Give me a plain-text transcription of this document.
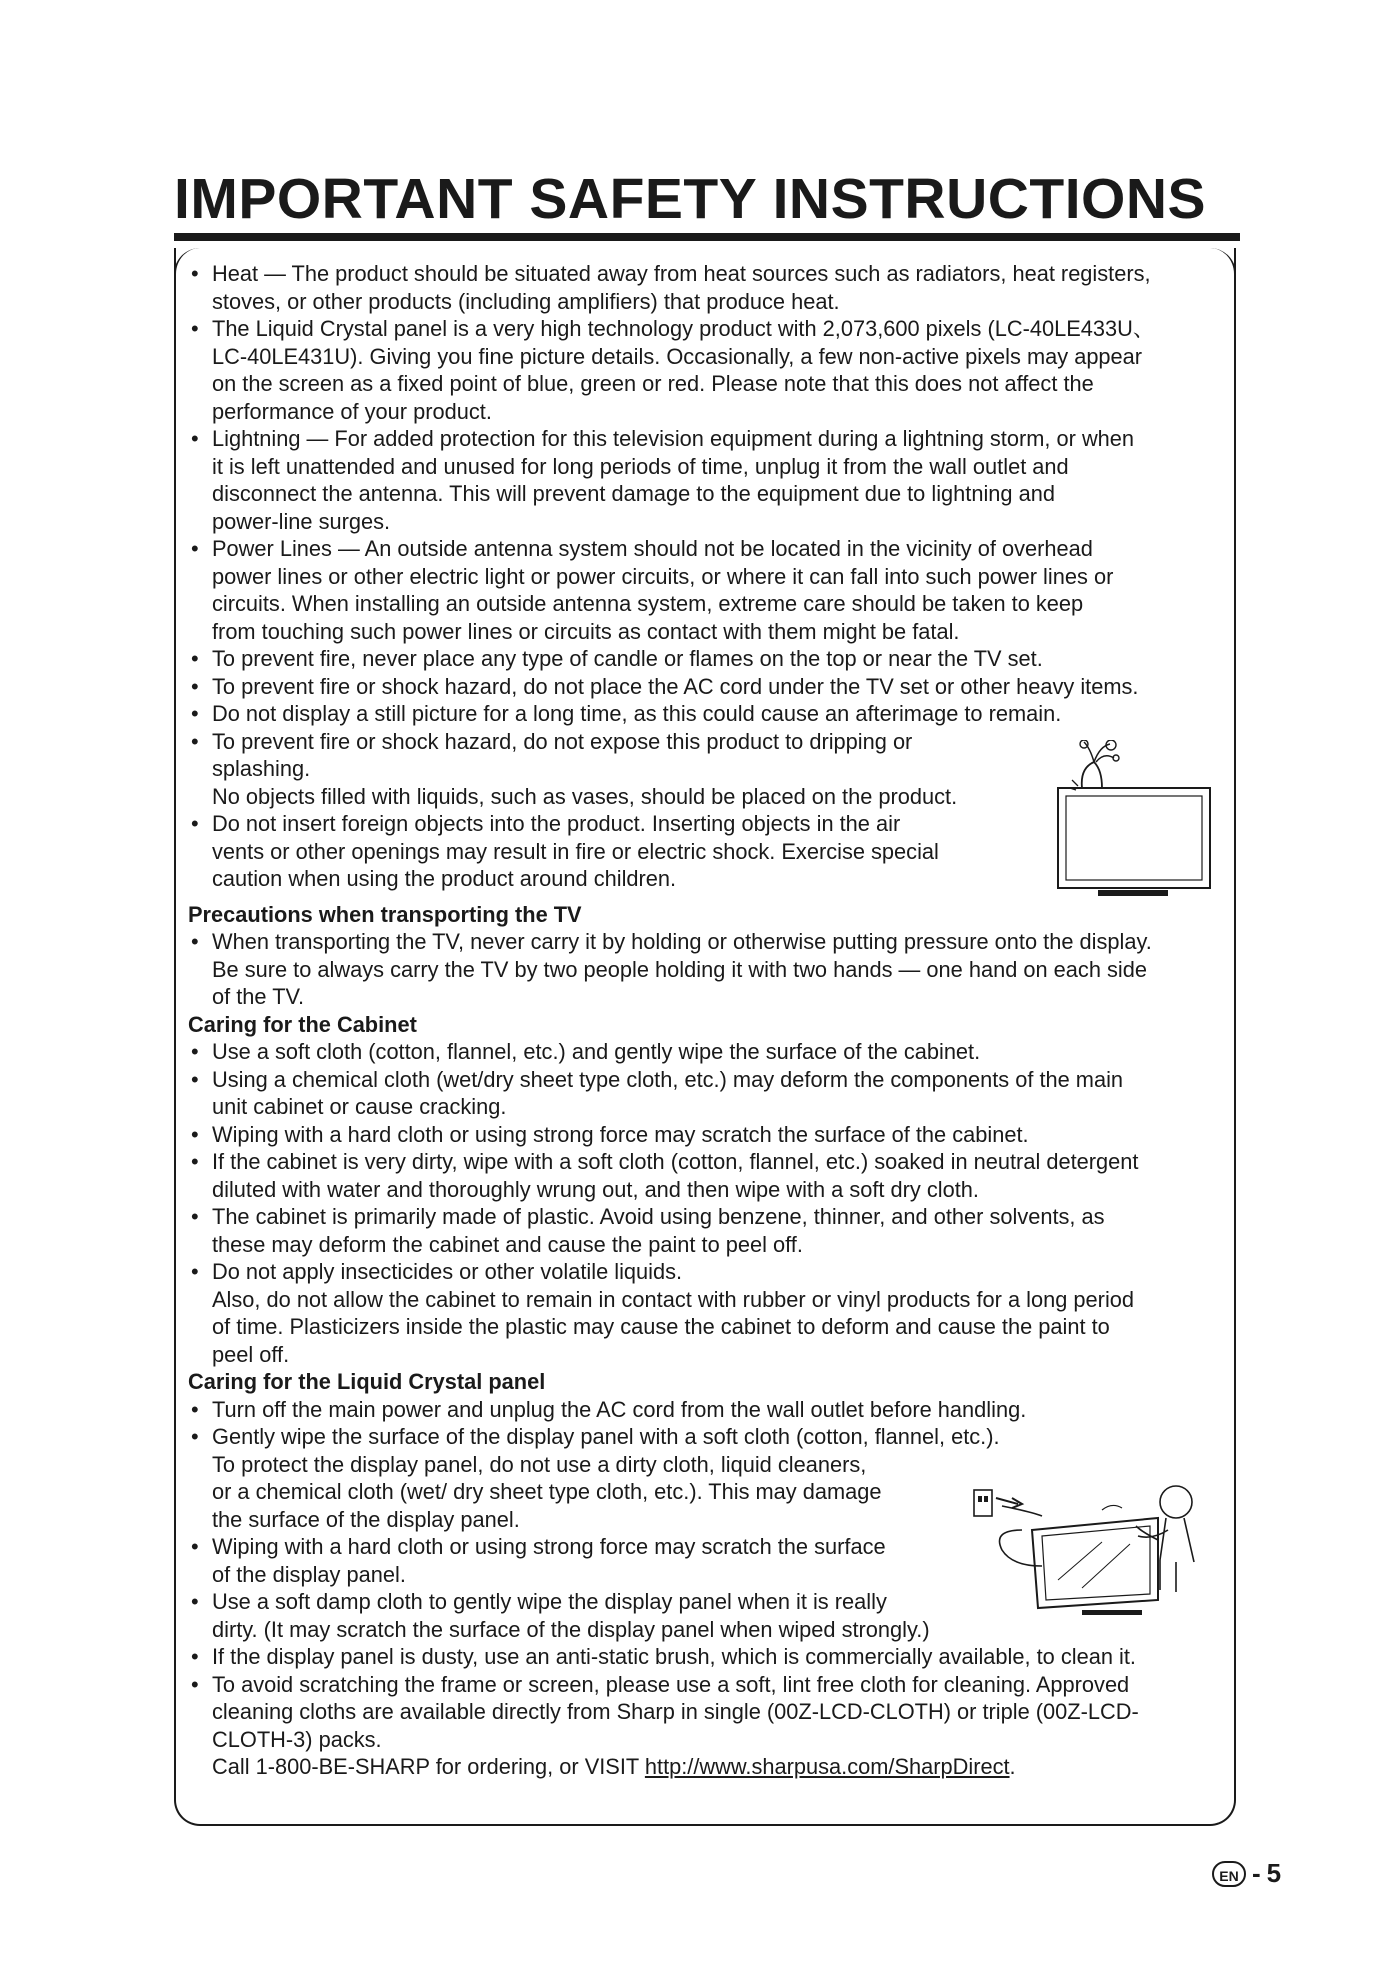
IMPORTANT SAFETY INSTRUCTIONS
• Heat — The product should be situated away from heat sources such as radiators, heat registers,
stoves, or other products (including amplifiers) that produce heat.
• The Liquid Crystal panel is a very high technology product with 2,073,600 pixels (LC-40LE433U、
LC-40LE431U). Giving you fine picture details. Occasionally, a few non-active pixels may appear
on the screen as a fixed point of blue, green or red. Please note that this does not affect the
performance of your product.
• Lightning — For added protection for this television equipment during a lightning storm, or when
it is left unattended and unused for long periods of time, unplug it from the wall outlet and
disconnect the antenna. This will prevent damage to the equipment due to lightning and
power-line surges.
• Power Lines — An outside antenna system should not be located in the vicinity of overhead
power lines or other electric light or power circuits, or where it can fall into such power lines or
circuits. When installing an outside antenna system, extreme care should be taken to keep
from touching such power lines or circuits as contact with them might be fatal.
• To prevent fire, never place any type of candle or flames on the top or near the TV set.
• To prevent fire or shock hazard, do not place the AC cord under the TV set or other heavy items.
• Do not display a still picture for a long time, as this could cause an afterimage to remain.
• To prevent fire or shock hazard, do not expose this product to dripping or
splashing.
No objects filled with liquids, such as vases, should be placed on the product.
• Do not insert foreign objects into the product. Inserting objects in the air
vents or other openings may result in fire or electric shock. Exercise special
caution when using the product around children.
Precautions when transporting the TV
• When transporting the TV, never carry it by holding or otherwise putting pressure onto the display.
Be sure to always carry the TV by two people holding it with two hands — one hand on each side
of the TV.
Caring for the Cabinet
• Use a soft cloth (cotton, flannel, etc.) and gently wipe the surface of the cabinet.
• Using a chemical cloth (wet/dry sheet type cloth, etc.) may deform the components of the main
unit cabinet or cause cracking.
• Wiping with a hard cloth or using strong force may scratch the surface of the cabinet.
• If the cabinet is very dirty, wipe with a soft cloth (cotton, flannel, etc.) soaked in neutral detergent
diluted with water and thoroughly wrung out, and then wipe with a soft dry cloth.
• The cabinet is primarily made of plastic. Avoid using benzene, thinner, and other solvents, as
these may deform the cabinet and cause the paint to peel off.
• Do not apply insecticides or other volatile liquids.
Also, do not allow the cabinet to remain in contact with rubber or vinyl products for a long period
of time. Plasticizers inside the plastic may cause the cabinet to deform and cause the paint to
peel off.
Caring for the Liquid Crystal panel
• Turn off the main power and unplug the AC cord from the wall outlet before handling.
• Gently wipe the surface of the display panel with a soft cloth (cotton, flannel, etc.).
To protect the display panel, do not use a dirty cloth, liquid cleaners,
or a chemical cloth (wet/ dry sheet type cloth, etc.). This may damage
the surface of the display panel.
• Wiping with a hard cloth or using strong force may scratch the surface
of the display panel.
• Use a soft damp cloth to gently wipe the display panel when it is really
dirty. (It may scratch the surface of the display panel when wiped strongly.)
• If the display panel is dusty, use an anti-static brush, which is commercially available, to clean it.
• To avoid scratching the frame or screen, please use a soft, lint free cloth for cleaning. Approved
cleaning cloths are available directly from Sharp in single (00Z-LCD-CLOTH) or triple (00Z-LCD-
CLOTH-3) packs.
Call 1-800-BE-SHARP for ordering, or VISIT http://www.sharpusa.com/SharpDirect.
EN - 5
